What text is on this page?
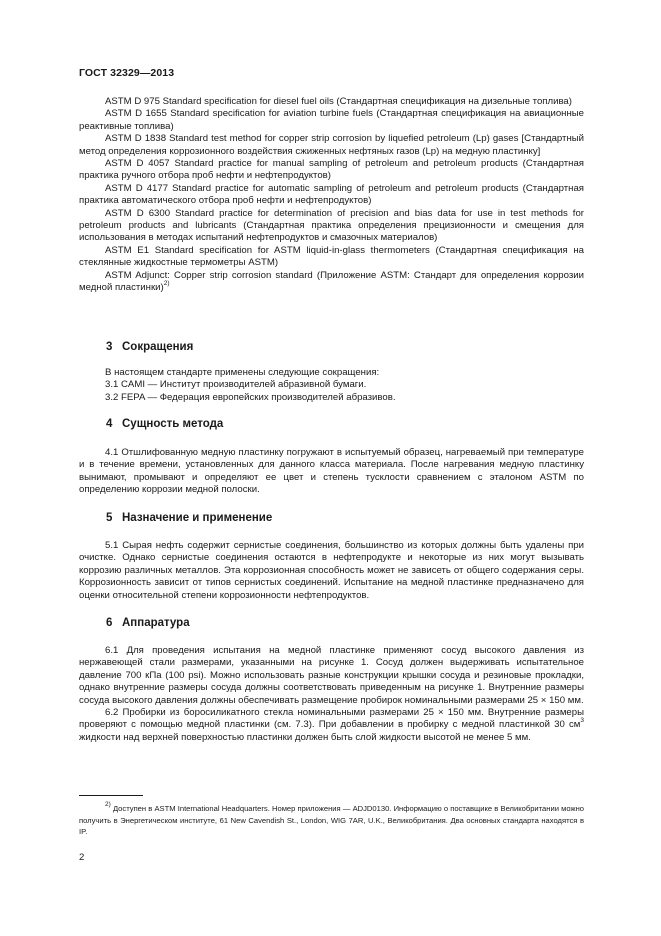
ГОСТ 32329—2013

ASTM D 975 Standard specification for diesel fuel oils (Стандартная спецификация на дизельные топлива)

ASTM D 1655 Standard specification for aviation turbine fuels (Стандартная спецификация на авиационные реактивные топлива)

ASTM D 1838 Standard test method for copper strip corrosion by liquefied petroleum (Lp) gases [Стандартный метод определения коррозионного воздействия сжиженных нефтяных газов (Lp) на медную пластинку]

ASTM D 4057 Standard practice for manual sampling of petroleum and petroleum products (Стандартная практика ручного отбора проб нефти и нефтепродуктов)

ASTM D 4177 Standard practice for automatic sampling of petroleum and petroleum products (Стандартная практика автоматического отбора проб нефти и нефтепродуктов)

ASTM D 6300 Standard practice for determination of precision and bias data for use in test methods for petroleum products and lubricants (Стандартная практика определения прецизионности и смещения для использования в методах испытаний нефтепродуктов и смазочных материалов)

ASTM E1 Standard specification for ASTM liquid-in-glass thermometers (Стандартная спецификация на стеклянные жидкостные термометры ASTM)

ASTM Adjunct: Copper strip corrosion standard (Приложение ASTM: Стандарт для определения коррозии медной пластинки)$^{2)}$

3 Сокращения

В настоящем стандарте применены следующие сокращения:

3.1 CAMI — Институт производителей абразивной бумаги.

3.2 FEPA — Федерация европейских производителей абразивов.

4 Сущность метода

4.1 Отшлифованную медную пластинку погружают в испытуемый образец, нагреваемый при температуре и в течение времени, установленных для данного класса материала. После нагревания медную пластинку вынимают, промывают и определяют ее цвет и степень тусклости сравнением с эталоном ASTM по определению коррозии медной полоски.

5 Назначение и применение

5.1 Сырая нефть содержит сернистые соединения, большинство из которых должны быть удалены при очистке. Однако сернистые соединения остаются в нефтепродукте и некоторые из них могут вызывать коррозию различных металлов. Эта коррозионная способность может не зависеть от общего содержания серы. Коррозионность зависит от типов сернистых соединений. Испытание на медной пластинке предназначено для оценки относительной степени коррозионности нефтепродуктов.

6 Аппаратура

6.1 Для проведения испытания на медной пластинке применяют сосуд высокого давления из нержавеющей стали размерами, указанными на рисунке 1. Сосуд должен выдерживать испытательное давление 700 кПа (100 psi). Можно использовать разные конструкции крышки сосуда и резиновые прокладки, однако внутренние размеры сосуда должны соответствовать приведенным на рисунке 1. Внутренние размеры сосуда высокого давления должны обеспечивать размещение пробирок номинальными размерами 25 × 150 мм.

6.2 Пробирки из боросиликатного стекла номинальными размерами 25 × 150 мм. Внутренние размеры проверяют с помощью медной пластинки (см. 7.3). При добавлении в пробирку с медной пластинкой 30 $см^3$ жидкости над верхней поверхностью пластинки должен быть слой жидкости высотой не менее 5 мм.

$^{2)}$ Доступен в ASTM International Headquarters. Номер приложения — ADJD0130. Информацию о поставщике в Великобритании можно получить в Энергетическом институте, 61 New Cavendish St., London, WIG 7AR, U.K., Великобритания. Два основных стандарта находятся в IP.

2
